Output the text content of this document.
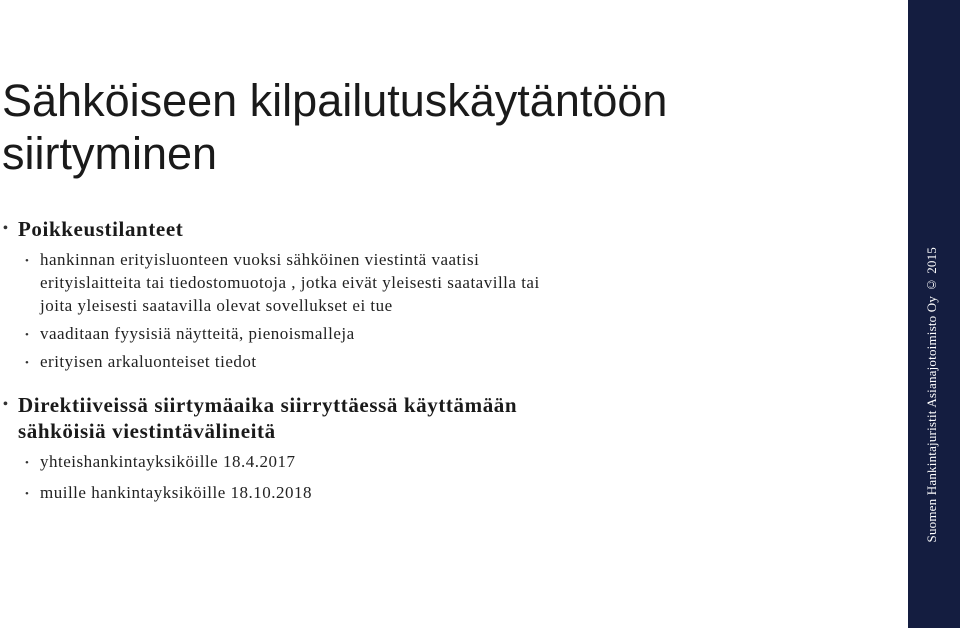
Sähköiseen kilpailutuskäytäntöön
siirtyminen
• Poikkeustilanteet
• hankinnan erityisluonteen vuoksi sähköinen viestintä vaatisi
erityislaitteita tai tiedostomuotoja , jotka eivät yleisesti saatavilla tai
joita yleisesti saatavilla olevat sovellukset ei tue
• vaaditaan fyysisiä näytteitä, pienoismalleja
• erityisen arkaluonteiset tiedot
• Direktiiveissä siirtymäaika siirryttäessä käyttämään
sähköisiä viestintävälineitä
• yhteishankintayksiköille 18.4.2017
• muille hankintayksiköille 18.10.2018	Suomen Hankintajuristit Asianajotoimisto Oy © 2015
